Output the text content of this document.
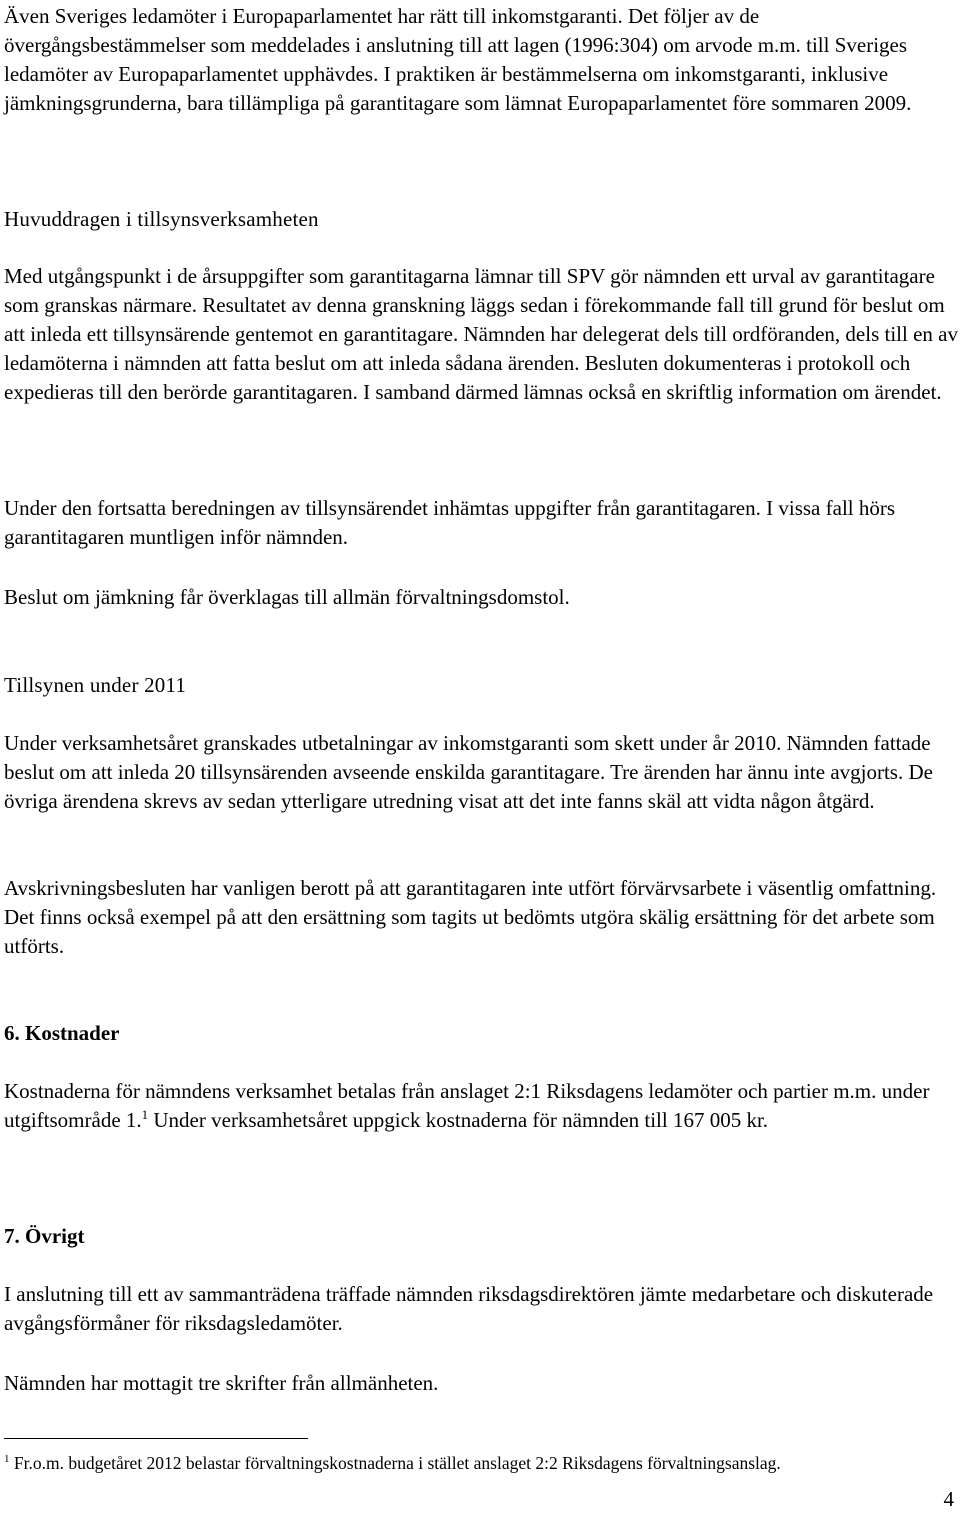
Även Sveriges ledamöter i Europaparlamentet har rätt till inkomstgaranti. Det följer av de övergångsbestämmelser som meddelades i anslutning till att lagen (1996:304) om arvode m.m. till Sveriges ledamöter av Europaparlamentet upphävdes. I praktiken är bestämmelserna om inkomstgaranti, inklusive jämkningsgrunderna, bara tillämpliga på garantitagare som lämnat Europaparlamentet före sommaren 2009.

Huvuddragen i tillsynsverksamheten

Med utgångspunkt i de årsuppgifter som garantitagarna lämnar till SPV gör nämnden ett urval av garantitagare som granskas närmare. Resultatet av denna granskning läggs sedan i förekommande fall till grund för beslut om att inleda ett tillsynsärende gentemot en garantitagare. Nämnden har delegerat dels till ordföranden, dels till en av ledamöterna i nämnden att fatta beslut om att inleda sådana ärenden. Besluten dokumenteras i protokoll och expedieras till den berörde garantitagaren. I samband därmed lämnas också en skriftlig information om ärendet.

Under den fortsatta beredningen av tillsynsärendet inhämtas uppgifter från garantitagaren. I vissa fall hörs garantitagaren muntligen inför nämnden.

Beslut om jämkning får överklagas till allmän förvaltningsdomstol.

Tillsynen under 2011

Under verksamhetsåret granskades utbetalningar av inkomstgaranti som skett under år 2010. Nämnden fattade beslut om att inleda 20 tillsynsärenden avseende enskilda garantitagare. Tre ärenden har ännu inte avgjorts. De övriga ärendena skrevs av sedan ytterligare utredning visat att det inte fanns skäl att vidta någon åtgärd.

Avskrivningsbesluten har vanligen berott på att garantitagaren inte utfört förvärvsarbete i väsentlig omfattning. Det finns också exempel på att den ersättning som tagits ut bedömts utgöra skälig ersättning för det arbete som utförts.

6. Kostnader

Kostnaderna för nämndens verksamhet betalas från anslaget 2:1 Riksdagens ledamöter och partier m.m. under utgiftsområde 1.$^1$ Under verksamhetsåret uppgick kostnaderna för nämnden till 167 005 kr.

7. Övrigt

I anslutning till ett av sammanträdena träffade nämnden riksdagsdirektören jämte medarbetare och diskuterade avgångsförmåner för riksdagsledamöter.

Nämnden har mottagit tre skrifter från allmänheten.

$^1$ Fr.o.m. budgetåret 2012 belastar förvaltningskostnaderna i stället anslaget 2:2 Riksdagens förvaltningsanslag.

4
